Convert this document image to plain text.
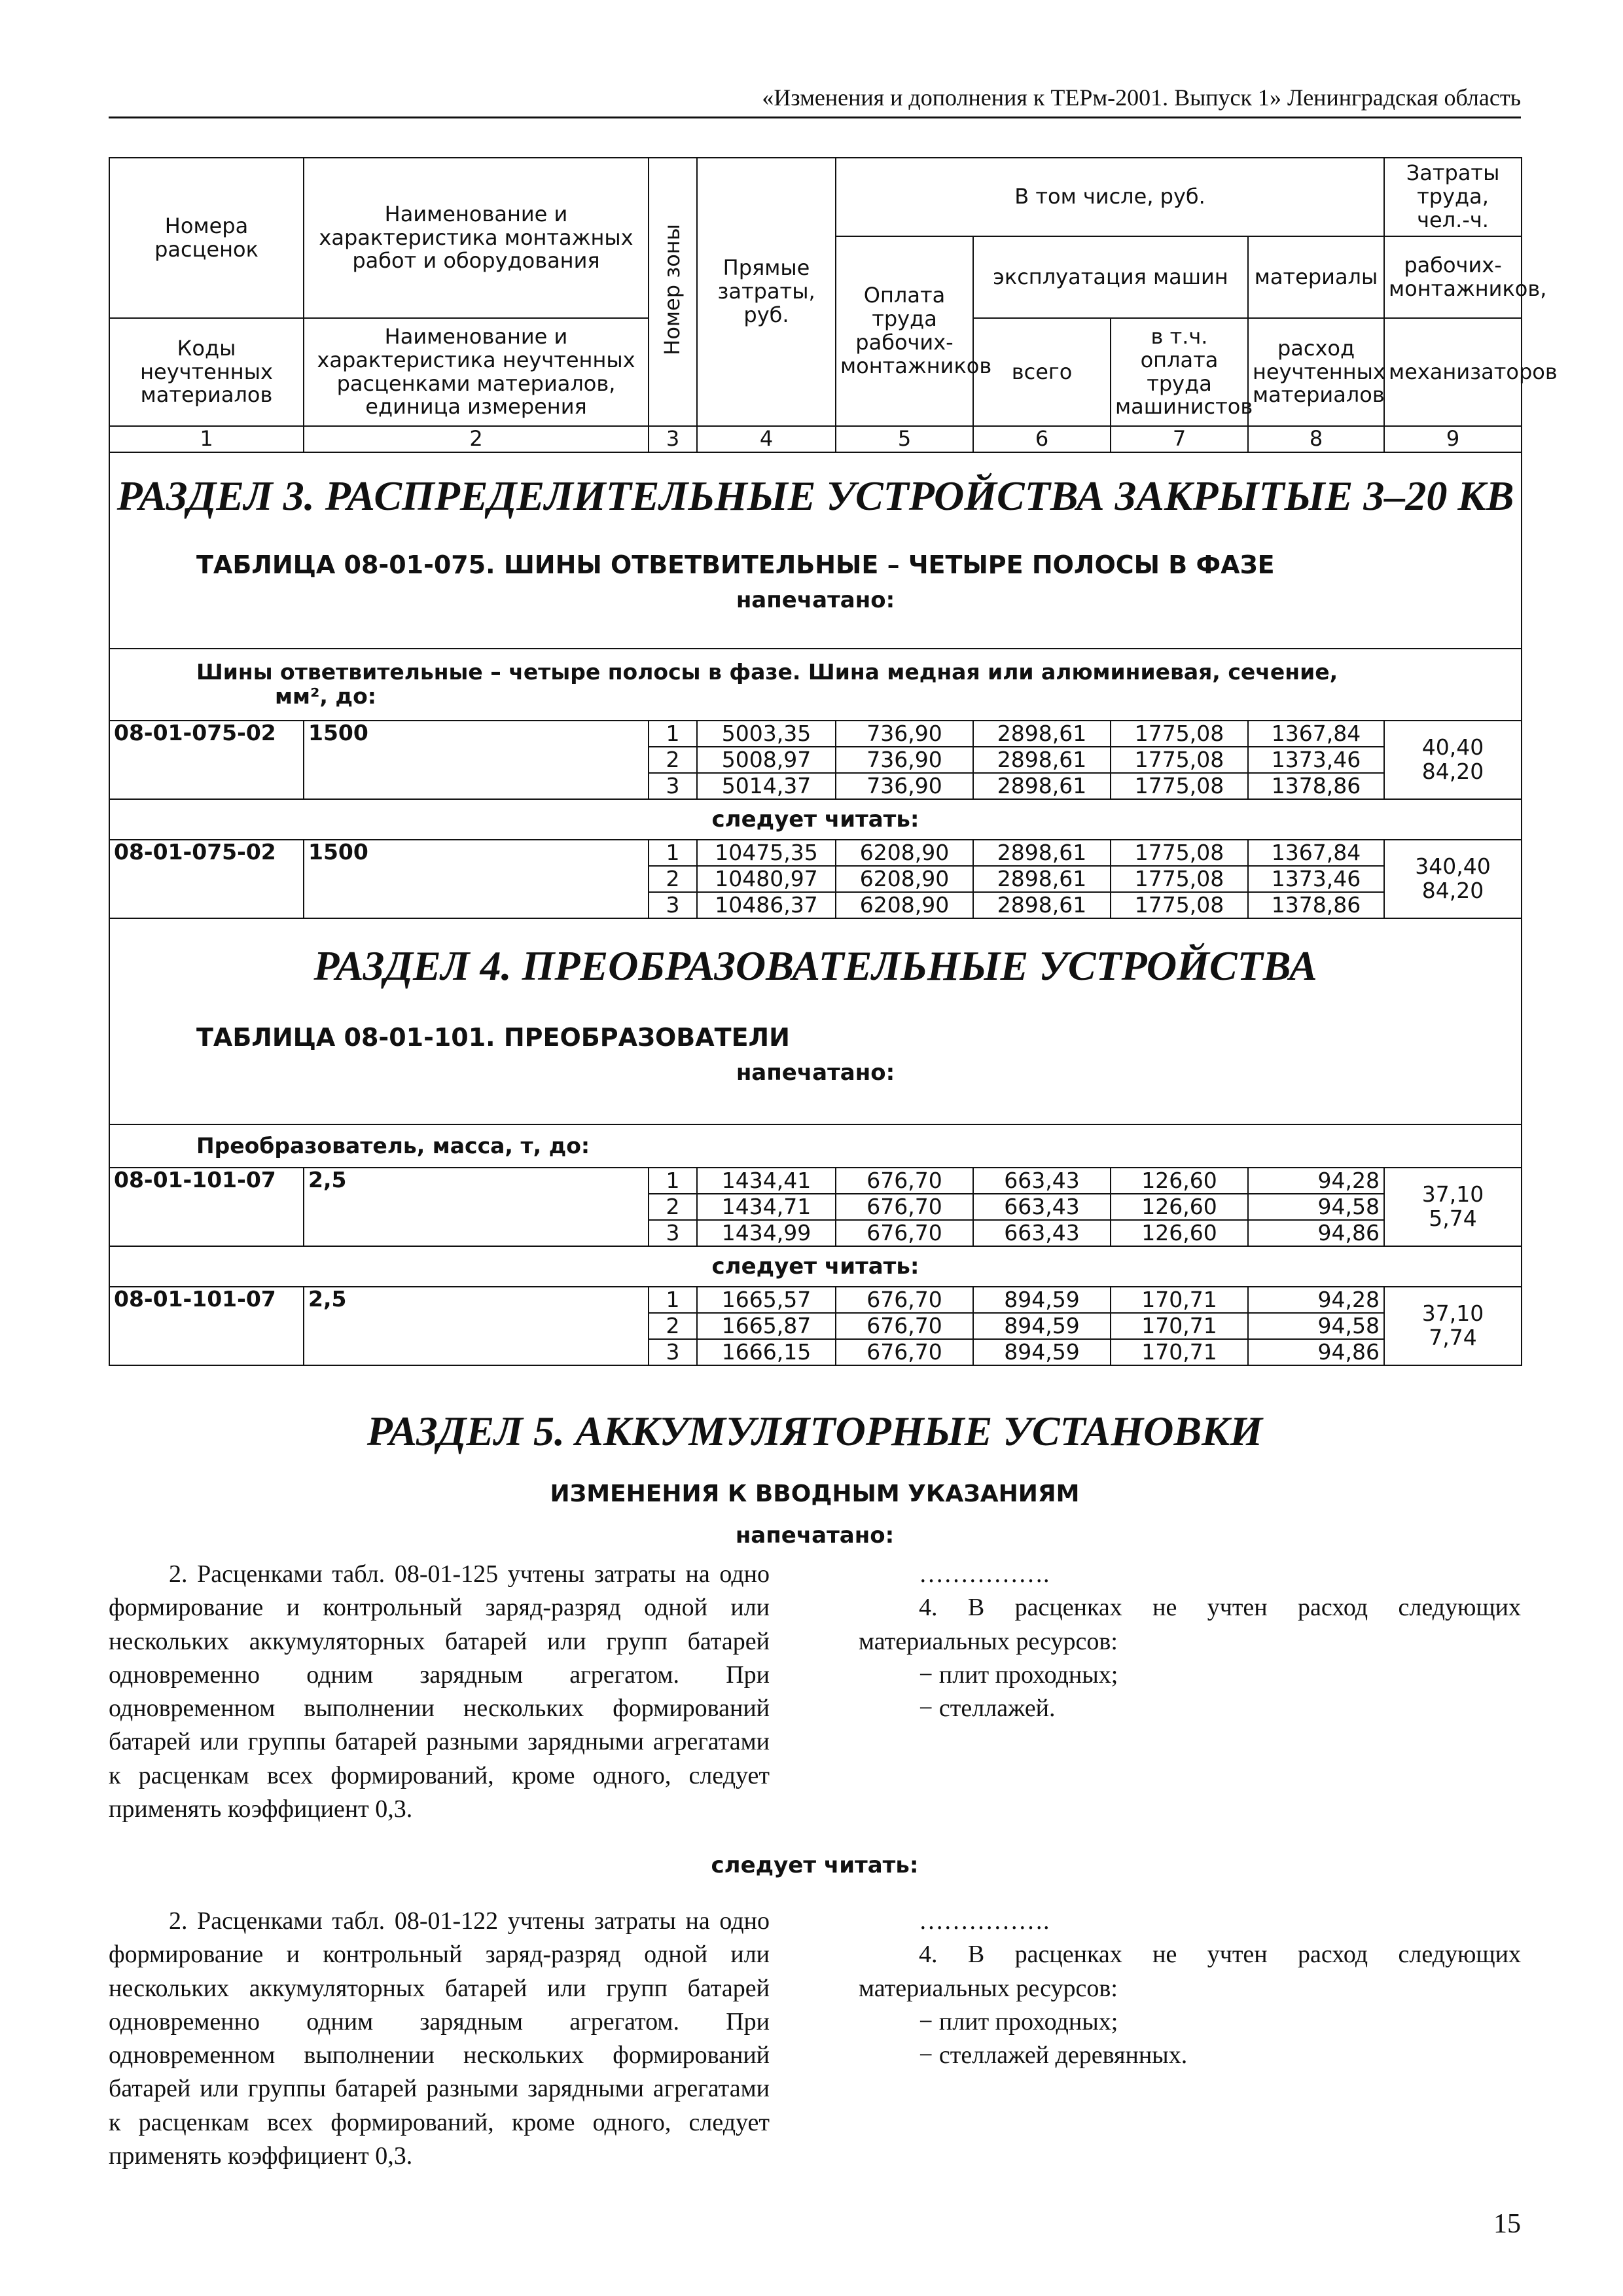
«Изменения и дополнения к ТЕРм-2001. Выпуск 1» Ленинградская область
Номера расценок	Наименование и характеристика монтажных работ и оборудования	Номер зоны	Прямые затраты, руб.	В том числе, руб.				Затраты труда, чел.-ч.
				Оплата труда рабочих-монтажников	эксплуатация машин		материалы	рабочих-монтажников,
Коды неучтенных материалов	Наименование и характеристика неучтенных расценками материалов, единица измерения				всего	в т.ч. оплата труда машинистов	расход неучтенных материалов	механизаторов
1	2	3	4	5	6	7	8	9
РАЗДЕЛ 3. РАСПРЕДЕЛИТЕЛЬНЫЕ УСТРОЙСТВА ЗАКРЫТЫЕ 3–20 КВ
ТАБЛИЦА 08-01-075. ШИНЫ ОТВЕТВИТЕЛЬНЫЕ – ЧЕТЫРЕ ПОЛОСЫ В ФАЗЕ
напечатано:								

Шины ответвительные – четыре полосы в фазе. Шина медная или алюминиевая, сечение,
мм², до:								

08-01-075-02	1500	1	5003,35	736,90	2898,61	1775,08	1367,84	40,40
84,20

		2	5008,97	736,90	2898,61	1775,08	1373,46	
		3	5014,37	736,90	2898,61	1775,08	1378,86	
следует читать:								
08-01-075-02	1500	1	10475,35	6208,90	2898,61	1775,08	1367,84	340,40
84,20

		2	10480,97	6208,90	2898,61	1775,08	1373,46	
		3	10486,37	6208,90	2898,61	1775,08	1378,86	

РАЗДЕЛ 4. ПРЕОБРАЗОВАТЕЛЬНЫЕ УСТРОЙСТВА
ТАБЛИЦА 08-01-101. ПРЕОБРАЗОВАТЕЛИ
напечатано:								

Преобразователь, масса, т, до:								
08-01-101-07	2,5	1	1434,41	676,70	663,43	126,60	94,28	37,10
5,74

		2	1434,71	676,70	663,43	126,60	94,58	
		3	1434,99	676,70	663,43	126,60	94,86	
следует читать:								
08-01-101-07	2,5	1	1665,57	676,70	894,59	170,71	94,28	37,10
7,74

		2	1665,87	676,70	894,59	170,71	94,58	
		3	1666,15	676,70	894,59	170,71	94,86	
РАЗДЕЛ 5. АККУМУЛЯТОРНЫЕ УСТАНОВКИ
ИЗМЕНЕНИЯ К ВВОДНЫМ УКАЗАНИЯМ
напечатано:

2. Расценками табл. 08-01-125 учтены затраты на одно формирование и контрольный заряд-разряд одной или нескольких аккумуляторных батарей или групп батарей одновременно одним зарядным агрегатом. При одновременном выполнении нескольких формирований батарей или группы батарей разными зарядными агрегатами к расценкам всех формирований, кроме одного, следует применять коэффициент 0,3.

…………….

4. В расценках не учтен расход следующих материальных ресурсов:

− плит проходных;

− стеллажей.

следует читать:

2. Расценками табл. 08-01-122 учтены затраты на одно формирование и контрольный заряд-разряд одной или нескольких аккумуляторных батарей или групп батарей одновременно одним зарядным агрегатом. При одновременном выполнении нескольких формирований батарей или группы батарей разными зарядными агрегатами к расценкам всех формирований, кроме одного, следует применять коэффициент 0,3.

…………….

4. В расценках не учтен расход следующих материальных ресурсов:

− плит проходных;

− стеллажей деревянных.

15
